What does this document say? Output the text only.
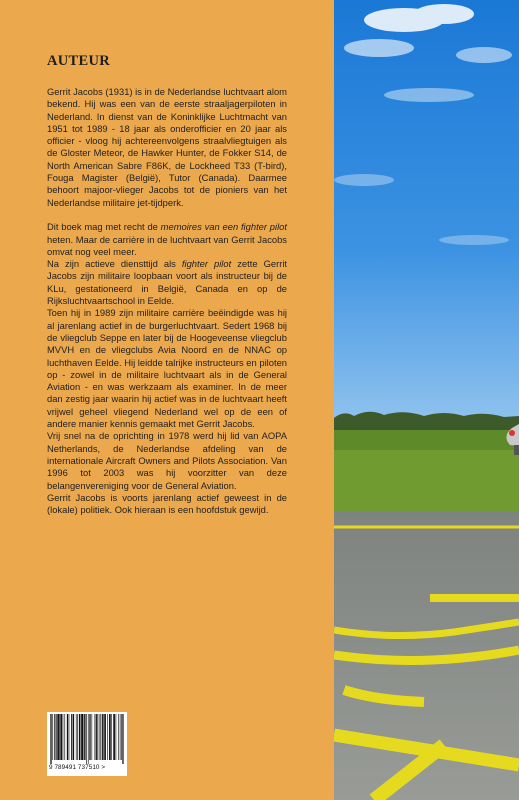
AUTEUR

Gerrit Jacobs (1931) is in de Nederlandse luchtvaart alom bekend. Hij was een van de eerste straaljagerpiloten in Nederland. In dienst van de Koninklijke Luchtmacht van 1951 tot 1989 - 18 jaar als onderofficier en 20 jaar als officier - vloog hij achtereenvolgens straalvliegtuigen als de Gloster Meteor, de Hawker Hunter, de Fokker S14, de North American Sabre F86K, de Lockheed T33 (T-bird), Fouga Magister (België), Tutor (Canada). Daarmee behoort majoor-vlieger Jacobs tot de pioniers van het Nederlandse militaire jet-tijdperk.

Dit boek mag met recht de memoires van een fighter pilot heten. Maar de carrière in de luchtvaart van Gerrit Jacobs omvat nog veel meer.

Na zijn actieve diensttijd als fighter pilot zette Gerrit Jacobs zijn militaire loopbaan voort als instructeur bij de KLu, gestationeerd in België, Canada en op de Rijksluchtvaartschool in Eelde.

Toen hij in 1989 zijn militaire carrière beëindigde was hij al jarenlang actief in de burgerluchtvaart. Sedert 1968 bij de vliegclub Seppe en later bij de Hoogeveense vliegclub MVVH en de vliegclubs Avia Noord en de NNAC op luchthaven Eelde. Hij leidde talrijke instructeurs en piloten op - zowel in de militaire luchtvaart als in de General Aviation - en was werkzaam als examiner. In de meer dan zestig jaar waarin hij actief was in de luchtvaart heeft vrijwel geheel vliegend Nederland wel op de een of andere manier kennis gemaakt met Gerrit Jacobs.

Vrij snel na de oprichting in 1978 werd hij lid van AOPA Netherlands, de Nederlandse afdeling van de internationale Aircraft Owners and Pilots Association. Van 1996 tot 2003 was hij voorzitter van deze belangenvereniging voor de General Aviation.

Gerrit Jacobs is voorts jarenlang actief geweest in de (lokale) politiek. Ook hieraan is een hoofdstuk gewijd.

9 789491 737510 >
